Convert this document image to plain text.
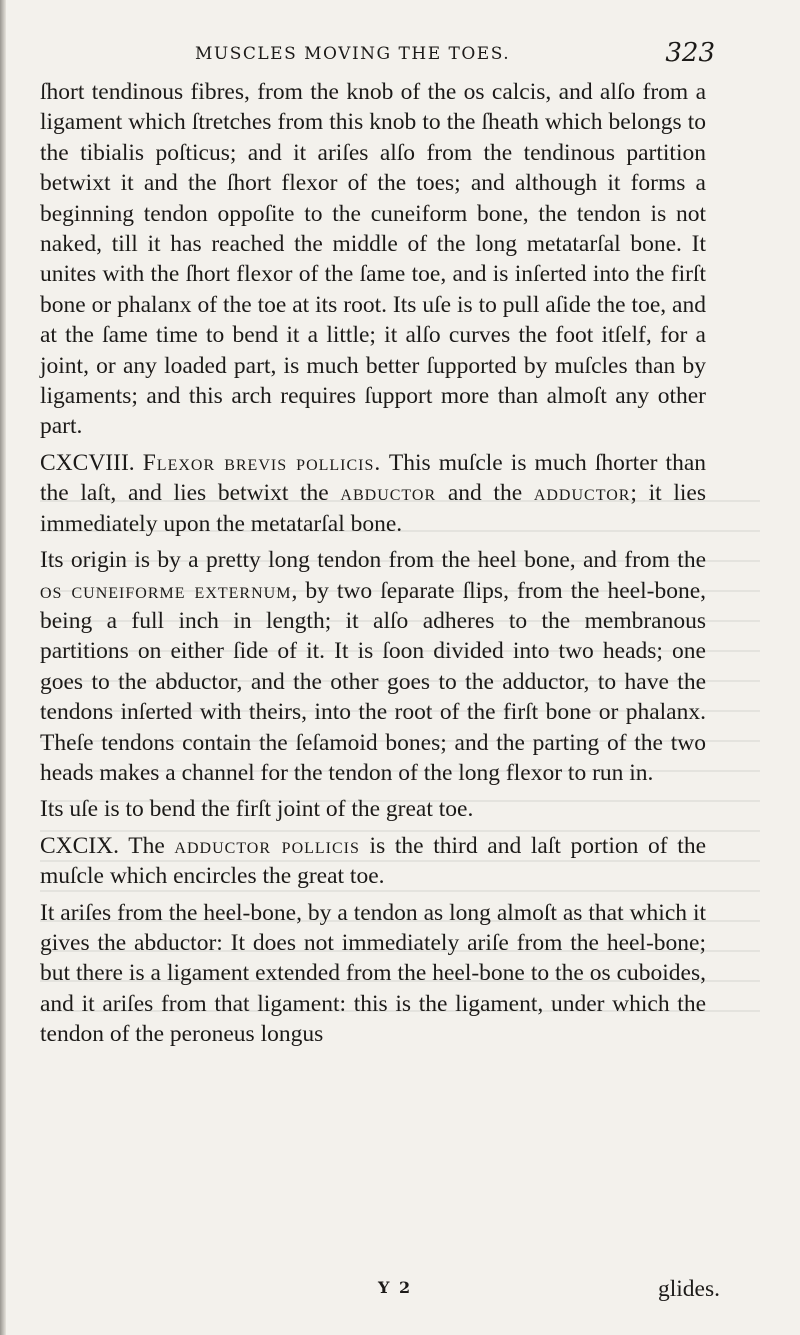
MUSCLES MOVING THE TOES.	323

ſhort tendinous fibres, from the knob of the os calcis, and alſo from a ligament which ſtretches from this knob to the ſheath which belongs to the tibialis poſticus; and it ariſes alſo from the tendinous partition betwixt it and the ſhort flexor of the toes; and although it forms a beginning tendon oppoſite to the cuneiform bone, the tendon is not naked, till it has reached the middle of the long metatarſal bone. It unites with the ſhort flexor of the ſame toe, and is inſerted into the firſt bone or phalanx of the toe at its root. Its uſe is to pull aſide the toe, and at the ſame time to bend it a little; it alſo curves the foot itſelf, for a joint, or any loaded part, is much better ſupported by muſcles than by ligaments; and this arch requires ſupport more than almoſt any other part.

CXCVIII. Flexor brevis pollicis. This muſcle is much ſhorter than the laſt, and lies betwixt the abductor and the adductor; it lies immediately upon the metatarſal bone.

Its origin is by a pretty long tendon from the heel bone, and from the os cuneiforme externum, by two ſeparate ſlips, from the heel-bone, being a full inch in length; it alſo adheres to the membranous partitions on either ſide of it. It is ſoon divided into two heads; one goes to the abductor, and the other goes to the adductor, to have the tendons inſerted with theirs, into the root of the firſt bone or phalanx. Theſe tendons contain the ſeſamoid bones; and the parting of the two heads makes a channel for the tendon of the long flexor to run in.

Its uſe is to bend the firſt joint of the great toe.

CXCIX. The adductor pollicis is the third and laſt portion of the muſcle which encircles the great toe.

It ariſes from the heel-bone, by a tendon as long almoſt as that which it gives the abductor: It does not immediately ariſe from the heel-bone; but there is a ligament extended from the heel-bone to the os cuboides, and it ariſes from that ligament: this is the ligament, under which the tendon of the peroneus longus

Y 2	glides.
